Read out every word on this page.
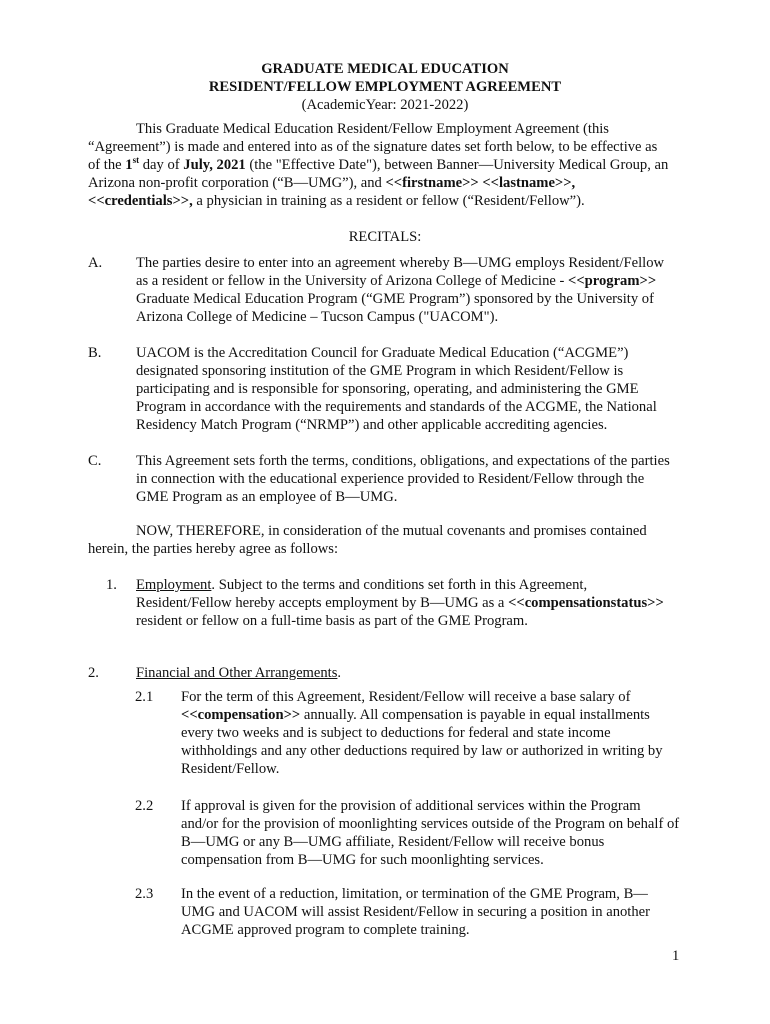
GRADUATE MEDICAL EDUCATION
RESIDENT/FELLOW EMPLOYMENT AGREEMENT
(AcademicYear: 2021-2022)
This Graduate Medical Education Resident/Fellow Employment Agreement (this “Agreement”) is made and entered into as of the signature dates set forth below, to be effective as of the 1st day of July, 2021 (the "Effective Date"), between Banner—University Medical Group, an Arizona non-profit corporation (“B—UMG”), and <<firstname>> <<lastname>>, <<credentials>>, a physician in training as a resident or fellow (“Resident/Fellow”).
RECITALS:
A. The parties desire to enter into an agreement whereby B—UMG employs Resident/Fellow as a resident or fellow in the University of Arizona College of Medicine - <<program>> Graduate Medical Education Program (“GME Program”) sponsored by the University of Arizona College of Medicine – Tucson Campus ("UACOM").
B. UACOM is the Accreditation Council for Graduate Medical Education (“ACGME”) designated sponsoring institution of the GME Program in which Resident/Fellow is participating and is responsible for sponsoring, operating, and administering the GME Program in accordance with the requirements and standards of the ACGME, the National Residency Match Program (“NRMP”) and other applicable accrediting agencies.
C. This Agreement sets forth the terms, conditions, obligations, and expectations of the parties in connection with the educational experience provided to Resident/Fellow through the GME Program as an employee of B—UMG.
NOW, THEREFORE, in consideration of the mutual covenants and promises contained herein, the parties hereby agree as follows:
1. Employment. Subject to the terms and conditions set forth in this Agreement, Resident/Fellow hereby accepts employment by B—UMG as a <<compensationstatus>> resident or fellow on a full-time basis as part of the GME Program.
2.	Financial and Other Arrangements.
2.1 For the term of this Agreement, Resident/Fellow will receive a base salary of <<compensation>> annually. All compensation is payable in equal installments every two weeks and is subject to deductions for federal and state income withholdings and any other deductions required by law or authorized in writing by Resident/Fellow.
2.2 If approval is given for the provision of additional services within the Program and/or for the provision of moonlighting services outside of the Program on behalf of B—UMG or any B—UMG affiliate, Resident/Fellow will receive bonus compensation from B—UMG for such moonlighting services.
2.3 In the event of a reduction, limitation, or termination of the GME Program, B—UMG and UACOM will assist Resident/Fellow in securing a position in another ACGME approved program to complete training.
1
